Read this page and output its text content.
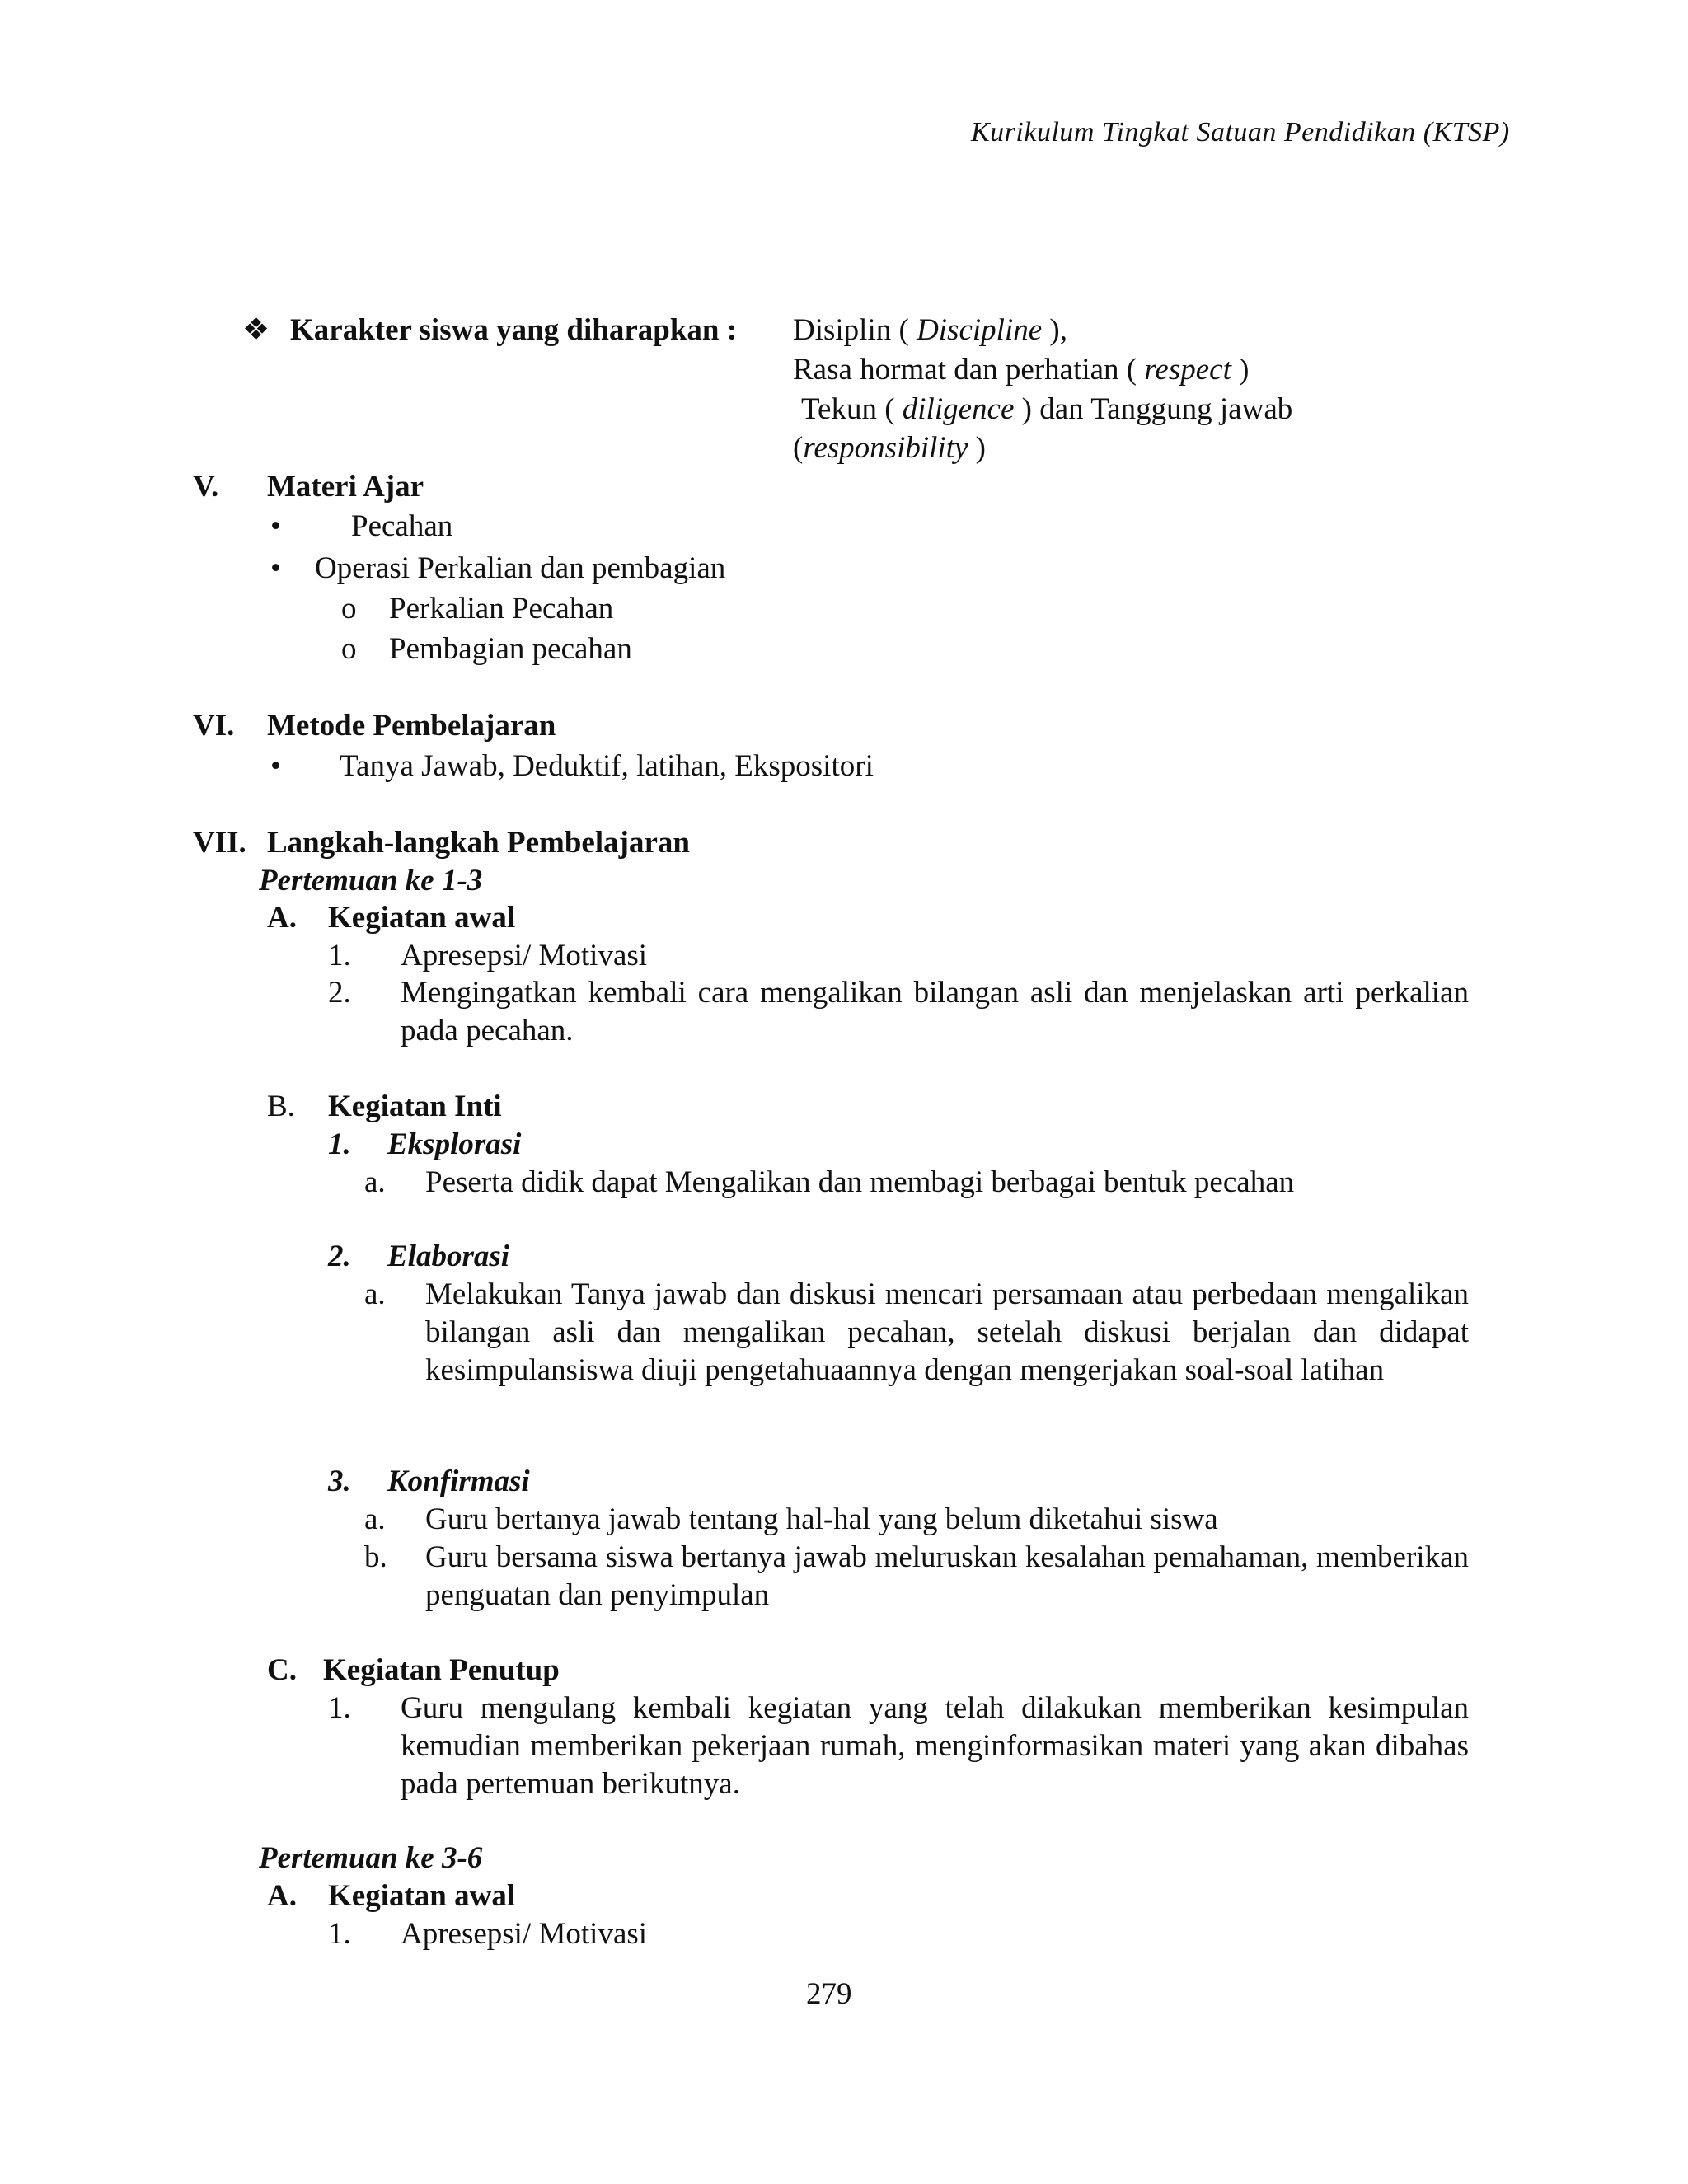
Kurikulum Tingkat Satuan Pendidikan (KTSP)
❖ Karakter siswa yang diharapkan : Disiplin ( Discipline ),
Rasa hormat dan perhatian ( respect )
Tekun ( diligence ) dan Tanggung jawab
(responsibility )
V. Materi Ajar
• Pecahan
• Operasi Perkalian dan pembagian
o Perkalian Pecahan
o Pembagian pecahan
VI. Metode Pembelajaran
• Tanya Jawab, Deduktif, latihan, Ekspositori
VII. Langkah-langkah Pembelajaran
Pertemuan ke 1-3
A. Kegiatan awal
1. Apresepsi/ Motivasi
2. Mengingatkan kembali cara mengalikan bilangan asli dan menjelaskan arti perkalian pada pecahan.
B. Kegiatan Inti
1. Eksplorasi
a. Peserta didik dapat Mengalikan dan membagi berbagai bentuk pecahan
2. Elaborasi
a. Melakukan Tanya jawab dan diskusi mencari persamaan atau perbedaan mengalikan bilangan asli dan mengalikan pecahan, setelah diskusi berjalan dan didapat kesimpulansiswa diuji pengetahuaannya dengan mengerjakan soal-soal latihan
3. Konfirmasi
a. Guru bertanya jawab tentang hal-hal yang belum diketahui siswa
b. Guru bersama siswa bertanya jawab meluruskan kesalahan pemahaman, memberikan penguatan dan penyimpulan
C. Kegiatan Penutup
1. Guru mengulang kembali kegiatan yang telah dilakukan memberikan kesimpulan kemudian memberikan pekerjaan rumah, menginformasikan materi yang akan dibahas pada pertemuan berikutnya.
Pertemuan ke 3-6
A. Kegiatan awal
1. Apresepsi/ Motivasi
279
